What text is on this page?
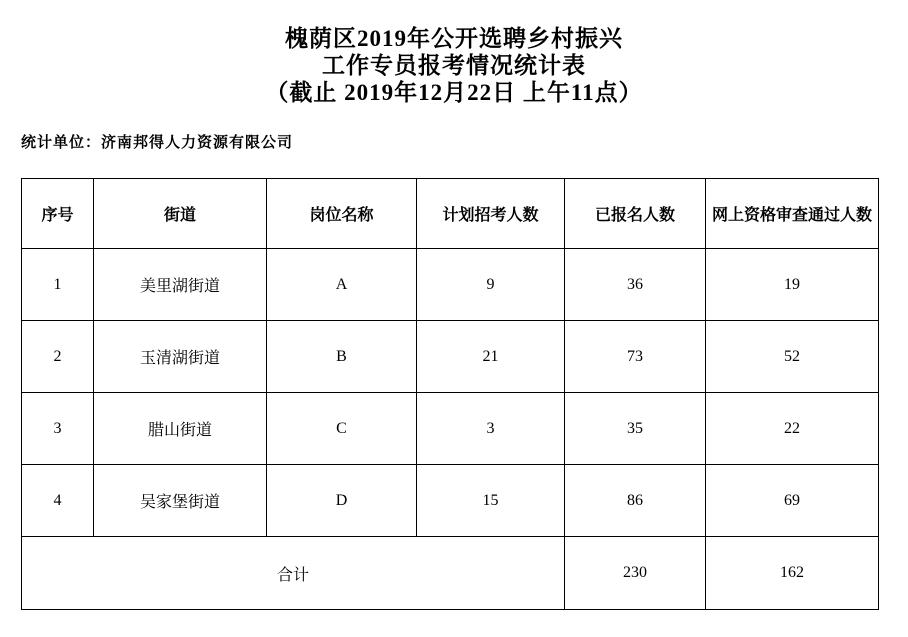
槐荫区2019年公开选聘乡村振兴
工作专员报考情况统计表
（截止 2019年12月22日 上午11点）
统计单位：济南邦得人力资源有限公司
序号	街道	岗位名称	计划招考人数	已报名人数	网上资格审查通过人数
1	美里湖街道	A	9	36	19
2	玉清湖街道	B	21	73	52
3	腊山街道	C	3	35	22
4	吴家堡街道	D	15	86	69
合计				230	162
